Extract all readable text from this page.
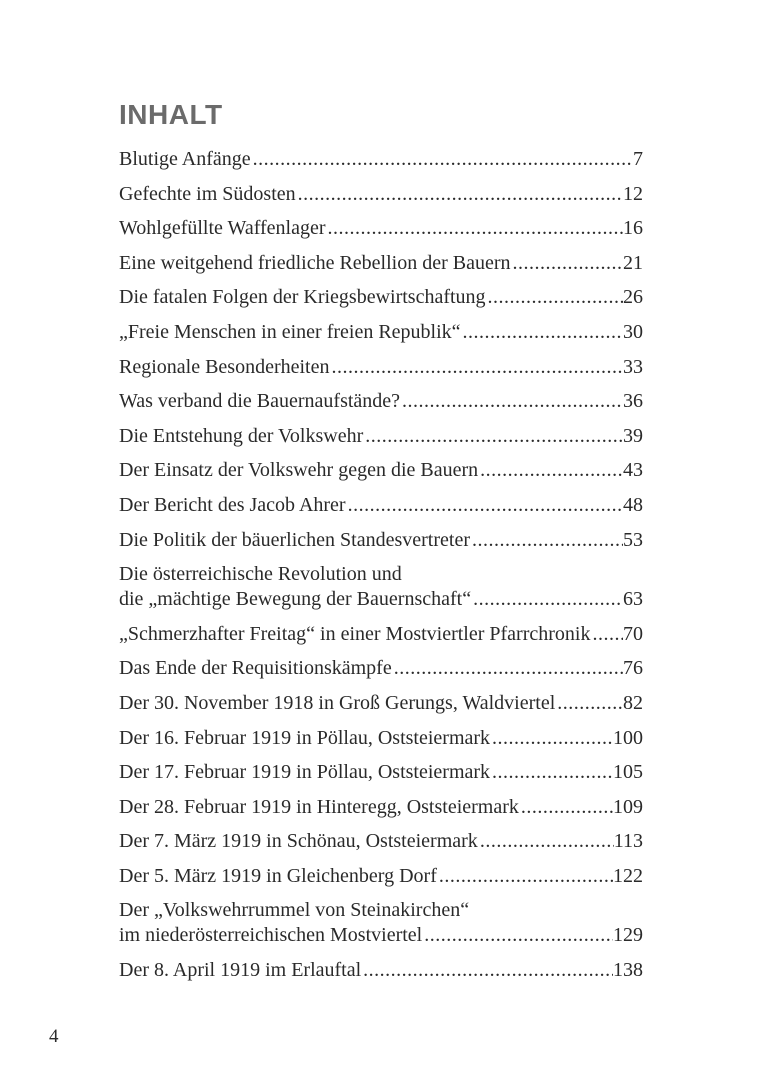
INHALT
Blutige Anfänge .....	7
Gefechte im Südosten .....	12
Wohlgefüllte Waffenlager .....	16
Eine weitgehend friedliche Rebellion der Bauern .....	21
Die fatalen Folgen der Kriegsbewirtschaftung .....	26
„Freie Menschen in einer freien Republik“ .....	30
Regionale Besonderheiten .....	33
Was verband die Bauernaufstände? .....	36
Die Entstehung der Volkswehr .....	39
Der Einsatz der Volkswehr gegen die Bauern .....	43
Der Bericht des Jacob Ahrer .....	48
Die Politik der bäuerlichen Standesvertreter .....	53
Die österreichische Revolution und
die „mächtige Bewegung der Bauernschaft“ .....	63
„Schmerzhafter Freitag“ in einer Mostviertler Pfarrchronik ..... 70
Das Ende der Requisitionskämpfe .....	76
Der 30. November 1918 in Groß Gerungs, Waldviertel .....	82
Der 16. Februar 1919 in Pöllau, Oststeiermark .....	100
Der 17. Februar 1919 in Pöllau, Oststeiermark .....	105
Der 28. Februar 1919 in Hinteregg, Oststeiermark .....	109
Der 7. März 1919 in Schönau, Oststeiermark .....	113
Der 5. März 1919 in Gleichenberg Dorf .....	122
Der „Volkswehrrummel von Steinakirchen“
im niederösterreichischen Mostviertel .....	129
Der 8. April 1919 im Erlauftal .....	138
4
